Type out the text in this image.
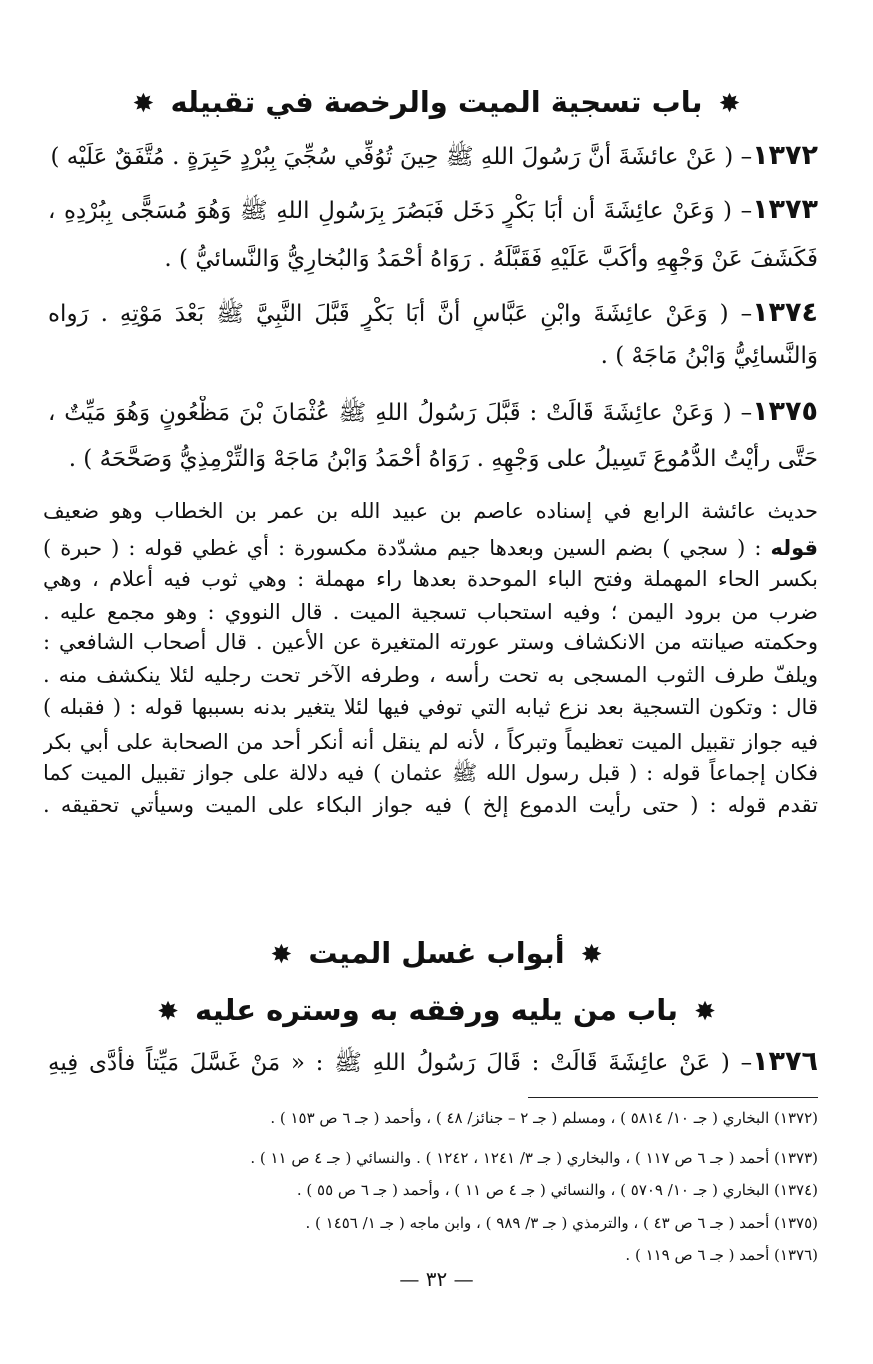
✸ باب تسجية الميت والرخصة في تقبيله ✸
١٣٧٢– ( عَنْ عائشَةَ أنَّ رَسُولَ اللهِ ﷺ حِينَ تُوُفِّي سُجِّيَ بِبُرْدٍ حَبِرَةٍ . مُتَّفَقٌ عَلَيْه )
١٣٧٣– ( وَعَنْ عائِشَةَ أن أبَا بَكْرٍ دَخَل فَبَصُرَ بِرَسُولِ اللهِ ﷺ وَهُوَ مُسَجًّى بِبُرْدِهِ ،
فَكَشَفَ عَنْ وَجْهِهِ وأكَبَّ عَلَيْهِ فَقَبَّلَهُ . رَوَاهُ أحْمَدُ وَالبُخارِيُّ وَالنَّسائيُّ ) .
١٣٧٤– ( وَعَنْ عائِشَةَ وابْنِ عَبَّاسٍ أنَّ أبَا بَكْرٍ قَبَّلَ النَّبِيَّ ﷺ بَعْدَ مَوْتِهِ . رَواه
وَالنَّسائِيُّ وَابْنُ مَاجَهْ ) .
١٣٧٥– ( وَعَنْ عائِشَةَ قَالَتْ : قَبَّلَ رَسُولُ اللهِ ﷺ عُثْمَانَ بْنَ مَظْعُونٍ وَهُوَ مَيِّتٌ ،
حَتَّى رأيْتُ الدُّمُوعَ تَسِيلُ على وَجْهِهِ . رَوَاهُ أحْمَدُ وَابْنُ مَاجَهْ وَالتِّرْمِذِيُّ وَصَحَّحَهُ ) .
حديث عائشة الرابع في إسناده عاصم بن عبيد الله بن عمر بن الخطاب وهو ضعيف
قوله : ( سجي ) بضم السين وبعدها جيم مشدّدة مكسورة : أي غطي قوله : ( حبرة )
بكسر الحاء المهملة وفتح الباء الموحدة بعدها راء مهملة : وهي ثوب فيه أعلام ، وهي
ضرب من برود اليمن ؛ وفيه استحباب تسجية الميت . قال النووي : وهو مجمع عليه .
وحكمته صيانته من الانكشاف وستر عورته المتغيرة عن الأعين . قال أصحاب الشافعي :
ويلفّ طرف الثوب المسجى به تحت رأسه ، وطرفه الآخر تحت رجليه لئلا ينكشف منه .
قال : وتكون التسجية بعد نزع ثيابه التي توفي فيها لئلا يتغير بدنه بسببها قوله : ( فقبله )
فيه جواز تقبيل الميت تعظيماً وتبركاً ، لأنه لم ينقل أنه أنكر أحد من الصحابة على أبي بكر
فكان إجماعاً قوله : ( قبل رسول الله ﷺ عثمان ) فيه دلالة على جواز تقبيل الميت كما
تقدم قوله : ( حتى رأيت الدموع إلخ ) فيه جواز البكاء على الميت وسيأتي تحقيقه .
✸ أبواب غسل الميت ✸
✸ باب من يليه ورفقه به وستره عليه ✸
١٣٧٦– ( عَنْ عائِشَةَ قَالَتْ : قَالَ رَسُولُ اللهِ ﷺ : « مَنْ غَسَّلَ مَيِّتاً فأدَّى فِيهِ
(١٣٧٢) البخاري ( جـ ١٠/ ٥٨١٤ ) ، ومسلم ( جـ ٢ – جنائز/ ٤٨ ) ، وأحمد ( جـ ٦ ص ١٥٣ ) .
(١٣٧٣) أحمد ( جـ ٦ ص ١١٧ ) ، والبخاري ( جـ ٣/ ١٢٤١ ، ١٢٤٢ ) . والنسائي ( جـ ٤ ص ١١ ) .
(١٣٧٤) البخاري ( جـ ١٠/ ٥٧٠٩ ) ، والنسائي ( جـ ٤ ص ١١ ) ، وأحمد ( جـ ٦ ص ٥٥ ) .
(١٣٧٥) أحمد ( جـ ٦ ص ٤٣ ) ، والترمذي ( جـ ٣/ ٩٨٩ ) ، وابن ماجه ( جـ ١/ ١٤٥٦ ) .
(١٣٧٦) أحمد ( جـ ٦ ص ١١٩ ) .
— ٣٢ —
